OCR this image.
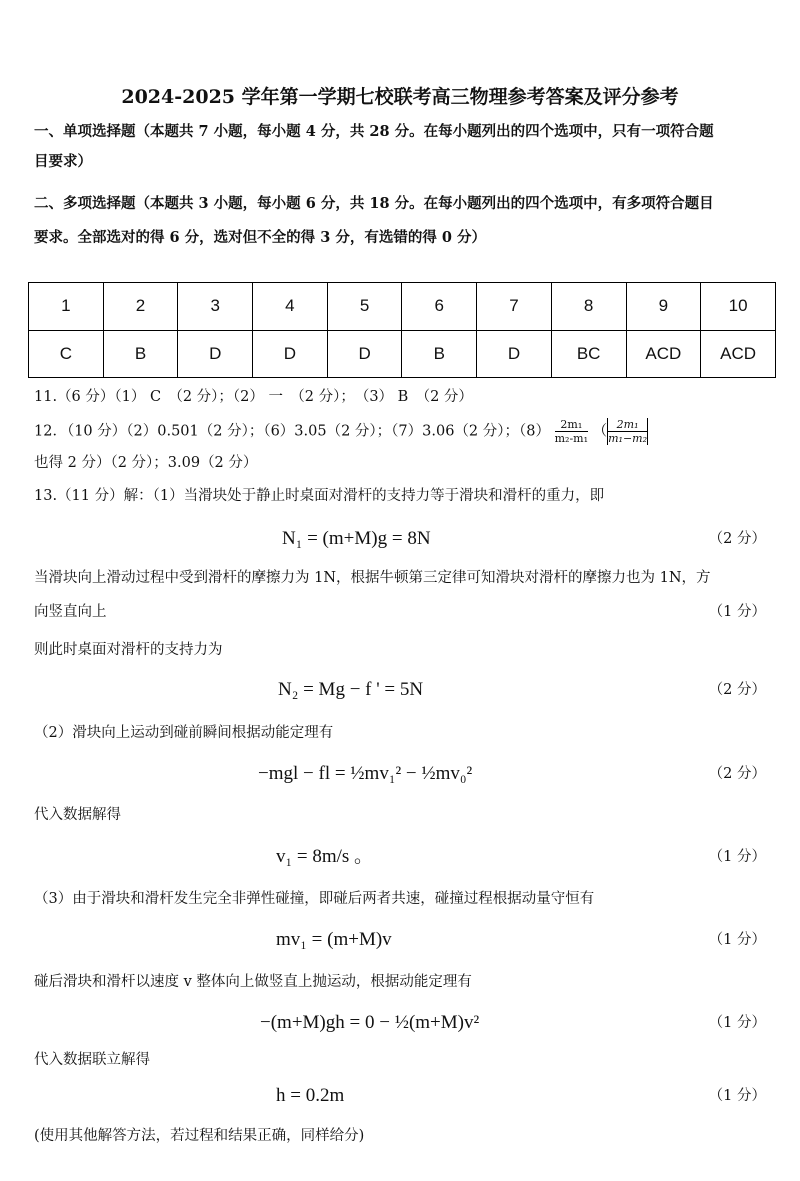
2024-2025 学年第一学期七校联考高三物理参考答案及评分参考
一、单项选择题（本题共 7 小题，每小题 4 分，共 28 分。在每小题列出的四个选项中，只有一项符合题
目要求）
二、多项选择题（本题共 3 小题，每小题 6 分，共 18 分。在每小题列出的四个选项中，有多项符合题目
要求。全部选对的得 6 分，选对但不全的得 3 分，有选错的得 0 分）
1	2	3	4	5	6	7	8	9	10
C	B	D	D	D	B	D	BC	ACD	ACD
11.（6 分）（1） C　（2 分）；（2） 一　（2 分）；　（3） B　（2 分）
12．（10 分）（2）0.501（2 分）；（6）3.05（2 分）；（7）3.06（2 分）；$(8) \frac{\text{2m₁}}{\text{m₂-m₁}}$ （ $\frac{\text{2m₁}}{\text{m₁−m₂}}$
也得 2 分）（2 分）；3.09（2 分）
13.（11 分）解：（1）当滑块处于静止时桌面对滑杆的支持力等于滑块和滑杆的重力，即
N₁ = (m+M)g = 8N	（2 分）
当滑块向上滑动过程中受到滑杆的摩擦力为 1N，根据牛顿第三定律可知滑块对滑杆的摩擦力也为 1N，方
向竖直向上	（1 分）
则此时桌面对滑杆的支持力为
N₂ = Mg − f ' = 5N	（2 分）
（2）滑块向上运动到碰前瞬间根据动能定理有
−mgl − fl = ½mv₁² − ½mv₀²	（2 分）
代入数据解得
v₁ = 8m/s 。	（1 分）
（3）由于滑块和滑杆发生完全非弹性碰撞，即碰后两者共速，碰撞过程根据动量守恒有
mv₁ = (m+M)v	（1 分）
碰后滑块和滑杆以速度 v 整体向上做竖直上抛运动，根据动能定理有
−(m+M)gh = 0 − ½(m+M)v²	（1 分）
代入数据联立解得
h = 0.2m	（1 分）
(使用其他解答方法，若过程和结果正确，同样给分)
